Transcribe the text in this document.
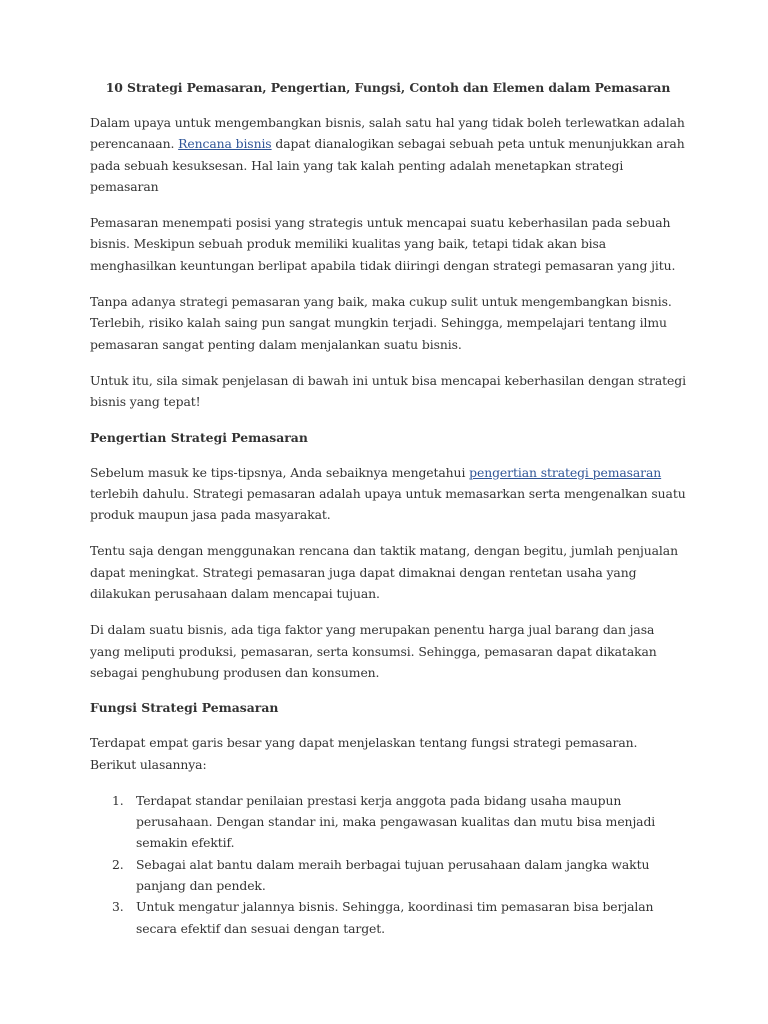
10 Strategi Pemasaran, Pengertian, Fungsi, Contoh dan Elemen dalam Pemasaran

Dalam upaya untuk mengembangkan bisnis, salah satu hal yang tidak boleh terlewatkan adalah perencanaan. Rencana bisnis dapat dianalogikan sebagai sebuah peta untuk menunjukkan arah pada sebuah kesuksesan. Hal lain yang tak kalah penting adalah menetapkan strategi pemasaran

Pemasaran menempati posisi yang strategis untuk mencapai suatu keberhasilan pada sebuah bisnis. Meskipun sebuah produk memiliki kualitas yang baik, tetapi tidak akan bisa menghasilkan keuntungan berlipat apabila tidak diiringi dengan strategi pemasaran yang jitu.

Tanpa adanya strategi pemasaran yang baik, maka cukup sulit untuk mengembangkan bisnis. Terlebih, risiko kalah saing pun sangat mungkin terjadi. Sehingga, mempelajari tentang ilmu pemasaran sangat penting dalam menjalankan suatu bisnis.

Untuk itu, sila simak penjelasan di bawah ini untuk bisa mencapai keberhasilan dengan strategi bisnis yang tepat!

Pengertian Strategi Pemasaran

Sebelum masuk ke tips-tipsnya, Anda sebaiknya mengetahui pengertian strategi pemasaran terlebih dahulu. Strategi pemasaran adalah upaya untuk memasarkan serta mengenalkan suatu produk maupun jasa pada masyarakat.

Tentu saja dengan menggunakan rencana dan taktik matang, dengan begitu, jumlah penjualan dapat meningkat. Strategi pemasaran juga dapat dimaknai dengan rentetan usaha yang dilakukan perusahaan dalam mencapai tujuan.

Di dalam suatu bisnis, ada tiga faktor yang merupakan penentu harga jual barang dan jasa yang meliputi produksi, pemasaran, serta konsumsi. Sehingga, pemasaran dapat dikatakan sebagai penghubung produsen dan konsumen.

Fungsi Strategi Pemasaran

Terdapat empat garis besar yang dapat menjelaskan tentang fungsi strategi pemasaran. Berikut ulasannya:

1. Terdapat standar penilaian prestasi kerja anggota pada bidang usaha maupun perusahaan. Dengan standar ini, maka pengawasan kualitas dan mutu bisa menjadi semakin efektif.
2. Sebagai alat bantu dalam meraih berbagai tujuan perusahaan dalam jangka waktu panjang dan pendek.
3. Untuk mengatur jalannya bisnis. Sehingga, koordinasi tim pemasaran bisa berjalan secara efektif dan sesuai dengan target.
